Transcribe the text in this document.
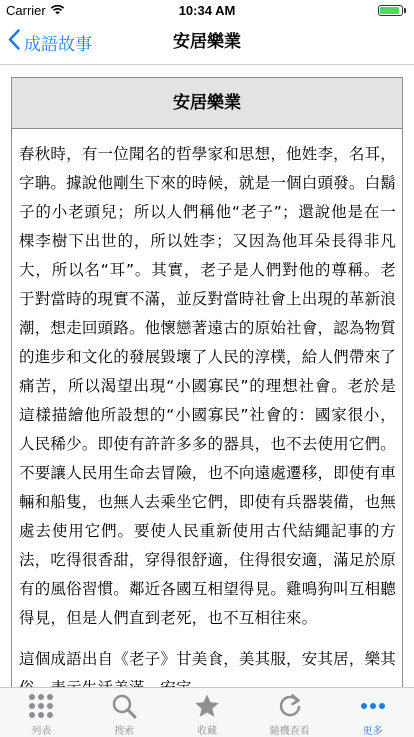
Carrier	10:34 AM
成語故事	安居樂業
安居樂業

春秋時，有一位聞名的哲學家和思想，他姓李，名耳，字聃。據說他剛生下來的時候，就是一個白頭發。白鬍子的小老頭兒；所以人們稱他“老子”；還說他是在一棵李樹下出世的，所以姓李；又因為他耳朵長得非凡大，所以名“耳”。其實，老子是人們對他的尊稱。老于對當時的現實不滿，並反對當時社會上出現的革新浪潮，想走回頭路。他懷戀著遠古的原始社會，認為物質的進步和文化的發展毀壞了人民的淳樸，給人們帶來了痛苦，所以渴望出現“小國寡民”的理想社會。老於是這樣描繪他所設想的“小國寡民”社會的：國家很小，人民稀少。即使有許許多多的器具，也不去使用它們。不要讓人民用生命去冒險，也不向遠處遷移，即使有車輛和船隻，也無人去乘坐它們，即使有兵器裝備，也無處去使用它們。要使人民重新使用古代結繩記事的方法，吃得很香甜，穿得很舒適，住得很安適，滿足於原有的風俗習慣。鄰近各國互相望得見。雞鳴狗叫互相聽得見，但是人們直到老死，也不互相往來。

這個成語出自《老子》甘美食，美其服，安其居，樂其

列表	搜索	收藏	隨機查看	更多
